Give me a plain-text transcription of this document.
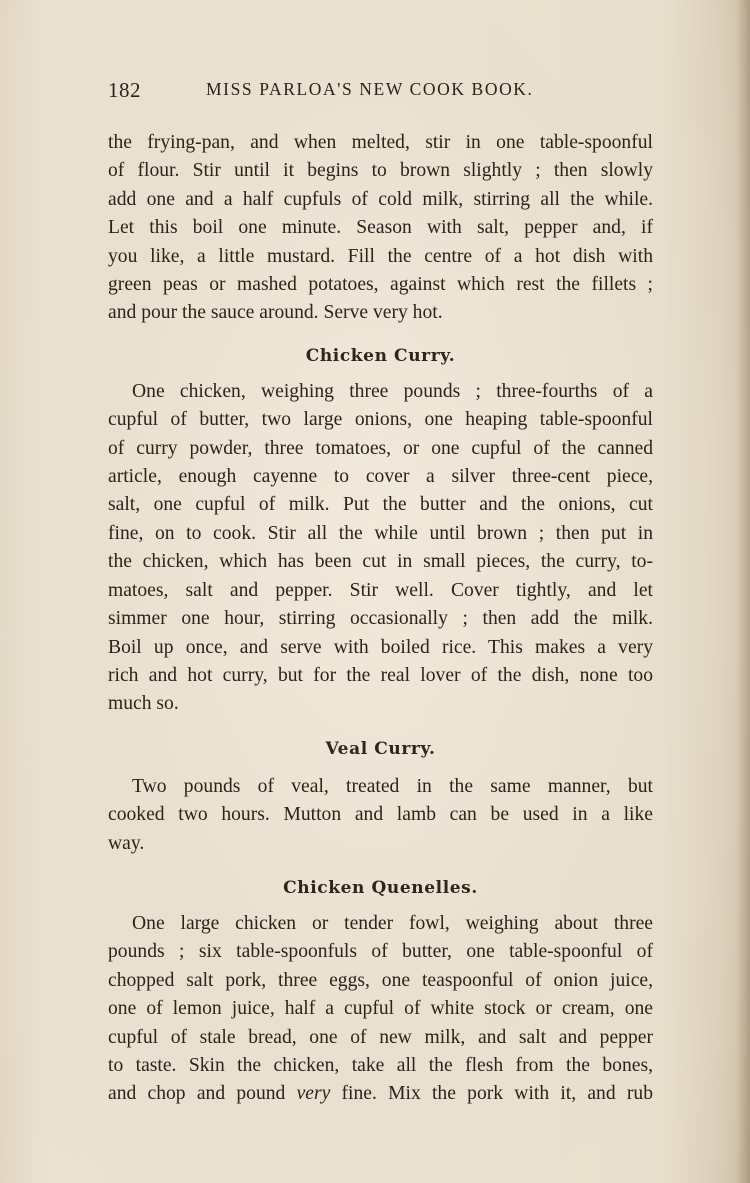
182	MISS PARLOA'S NEW COOK BOOK.

the frying-pan, and when melted, stir in one table-spoonful
of flour. Stir until it begins to brown slightly ; then slowly
add one and a half cupfuls of cold milk, stirring all the while.
Let this boil one minute. Season with salt, pepper and, if
you like, a little mustard. Fill the centre of a hot dish with
green peas or mashed potatoes, against which rest the fillets ;
and pour the sauce around. Serve very hot.

Chicken Curry.

One chicken, weighing three pounds ; three-fourths of a
cupful of butter, two large onions, one heaping table-spoonful
of curry powder, three tomatoes, or one cupful of the canned
article, enough cayenne to cover a silver three-cent piece,
salt, one cupful of milk. Put the butter and the onions, cut
fine, on to cook. Stir all the while until brown ; then put in
the chicken, which has been cut in small pieces, the curry, to-
matoes, salt and pepper. Stir well. Cover tightly, and let
simmer one hour, stirring occasionally ; then add the milk.
Boil up once, and serve with boiled rice. This makes a very
rich and hot curry, but for the real lover of the dish, none too
much so.

Veal Curry.

Two pounds of veal, treated in the same manner, but
cooked two hours. Mutton and lamb can be used in a like
way.

Chicken Quenelles.

One large chicken or tender fowl, weighing about three
pounds ; six table-spoonfuls of butter, one table-spoonful of
chopped salt pork, three eggs, one teaspoonful of onion juice,
one of lemon juice, half a cupful of white stock or cream, one
cupful of stale bread, one of new milk, and salt and pepper
to taste. Skin the chicken, take all the flesh from the bones,
and chop and pound very fine. Mix the pork with it, and rub
